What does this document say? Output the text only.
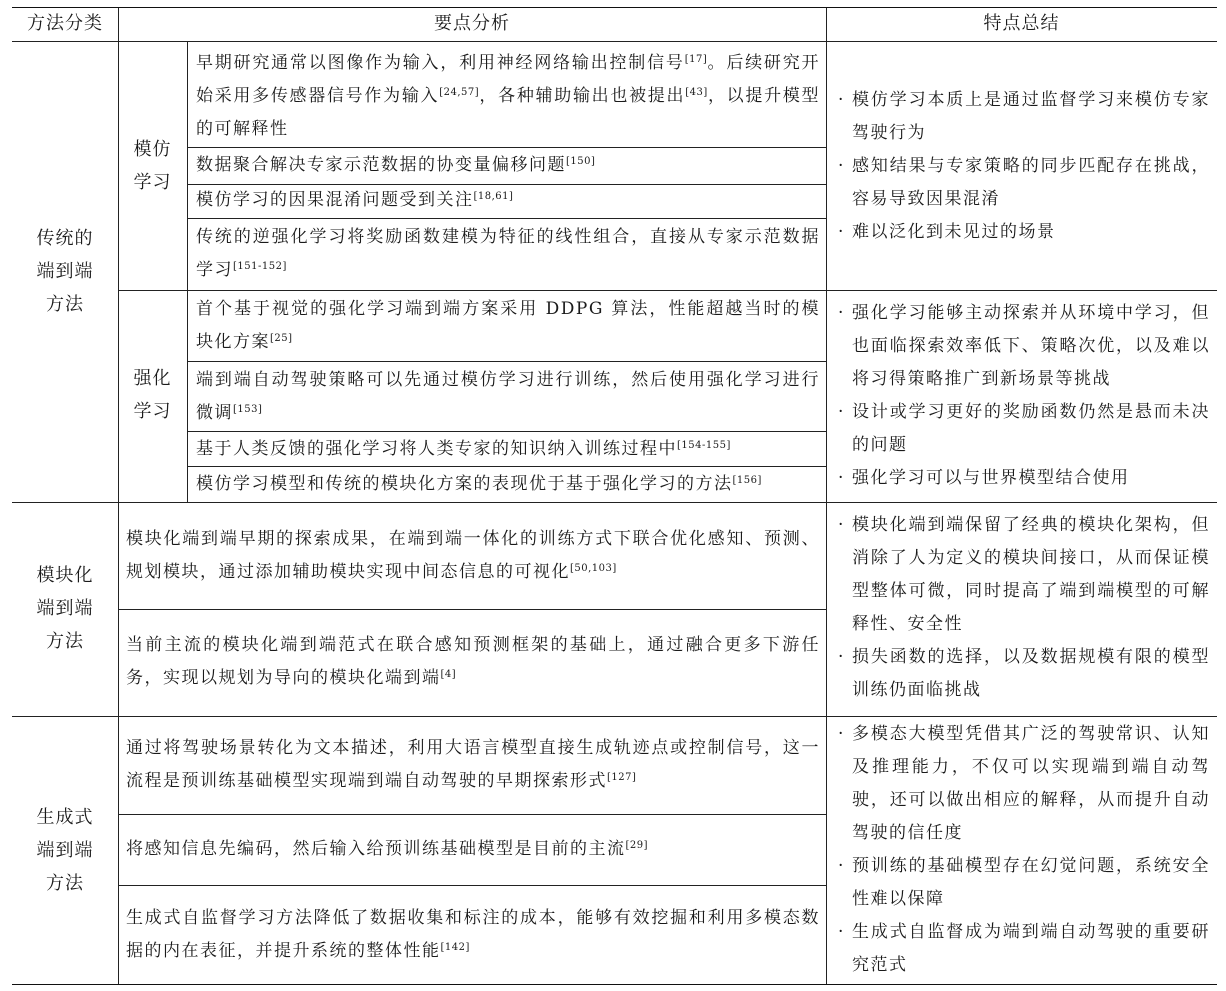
方法分类	要点分析	特点总结
传统的
端到端
方法
模仿
学习
早期研究通常以图像作为输入，利用神经网络输出控制信号[17]。后续研究开始采用多传感器信号作为输入[24,57]，各种辅助输出也被提出[43]，以提升模型的可解释性
数据聚合解决专家示范数据的协变量偏移问题[150]
模仿学习的因果混淆问题受到关注[18,61]
传统的逆强化学习将奖励函数建模为特征的线性组合，直接从专家示范数据学习[151-152]
· 模仿学习本质上是通过监督学习来模仿专家驾驶行为
· 感知结果与专家策略的同步匹配存在挑战，容易导致因果混淆
· 难以泛化到未见过的场景
强化
学习
首个基于视觉的强化学习端到端方案采用 DDPG 算法，性能超越当时的模块化方案[25]
端到端自动驾驶策略可以先通过模仿学习进行训练，然后使用强化学习进行微调[153]
基于人类反馈的强化学习将人类专家的知识纳入训练过程中[154-155]
模仿学习模型和传统的模块化方案的表现优于基于强化学习的方法[156]
· 强化学习能够主动探索并从环境中学习，但也面临探索效率低下、策略次优，以及难以将习得策略推广到新场景等挑战
· 设计或学习更好的奖励函数仍然是悬而未决的问题
· 强化学习可以与世界模型结合使用
模块化
端到端
方法
模块化端到端早期的探索成果，在端到端一体化的训练方式下联合优化感知、预测、规划模块，通过添加辅助模块实现中间态信息的可视化[50,103]
当前主流的模块化端到端范式在联合感知预测框架的基础上，通过融合更多下游任务，实现以规划为导向的模块化端到端[4]
· 模块化端到端保留了经典的模块化架构，但消除了人为定义的模块间接口，从而保证模型整体可微，同时提高了端到端模型的可解释性、安全性
· 损失函数的选择，以及数据规模有限的模型训练仍面临挑战
生成式
端到端
方法
通过将驾驶场景转化为文本描述，利用大语言模型直接生成轨迹点或控制信号，这一流程是预训练基础模型实现端到端自动驾驶的早期探索形式[127]
将感知信息先编码，然后输入给预训练基础模型是目前的主流[29]
生成式自监督学习方法降低了数据收集和标注的成本，能够有效挖掘和利用多模态数据的内在表征，并提升系统的整体性能[142]
· 多模态大模型凭借其广泛的驾驶常识、认知及推理能力，不仅可以实现端到端自动驾驶，还可以做出相应的解释，从而提升自动驾驶的信任度
· 预训练的基础模型存在幻觉问题，系统安全性难以保障
· 生成式自监督成为端到端自动驾驶的重要研究范式
